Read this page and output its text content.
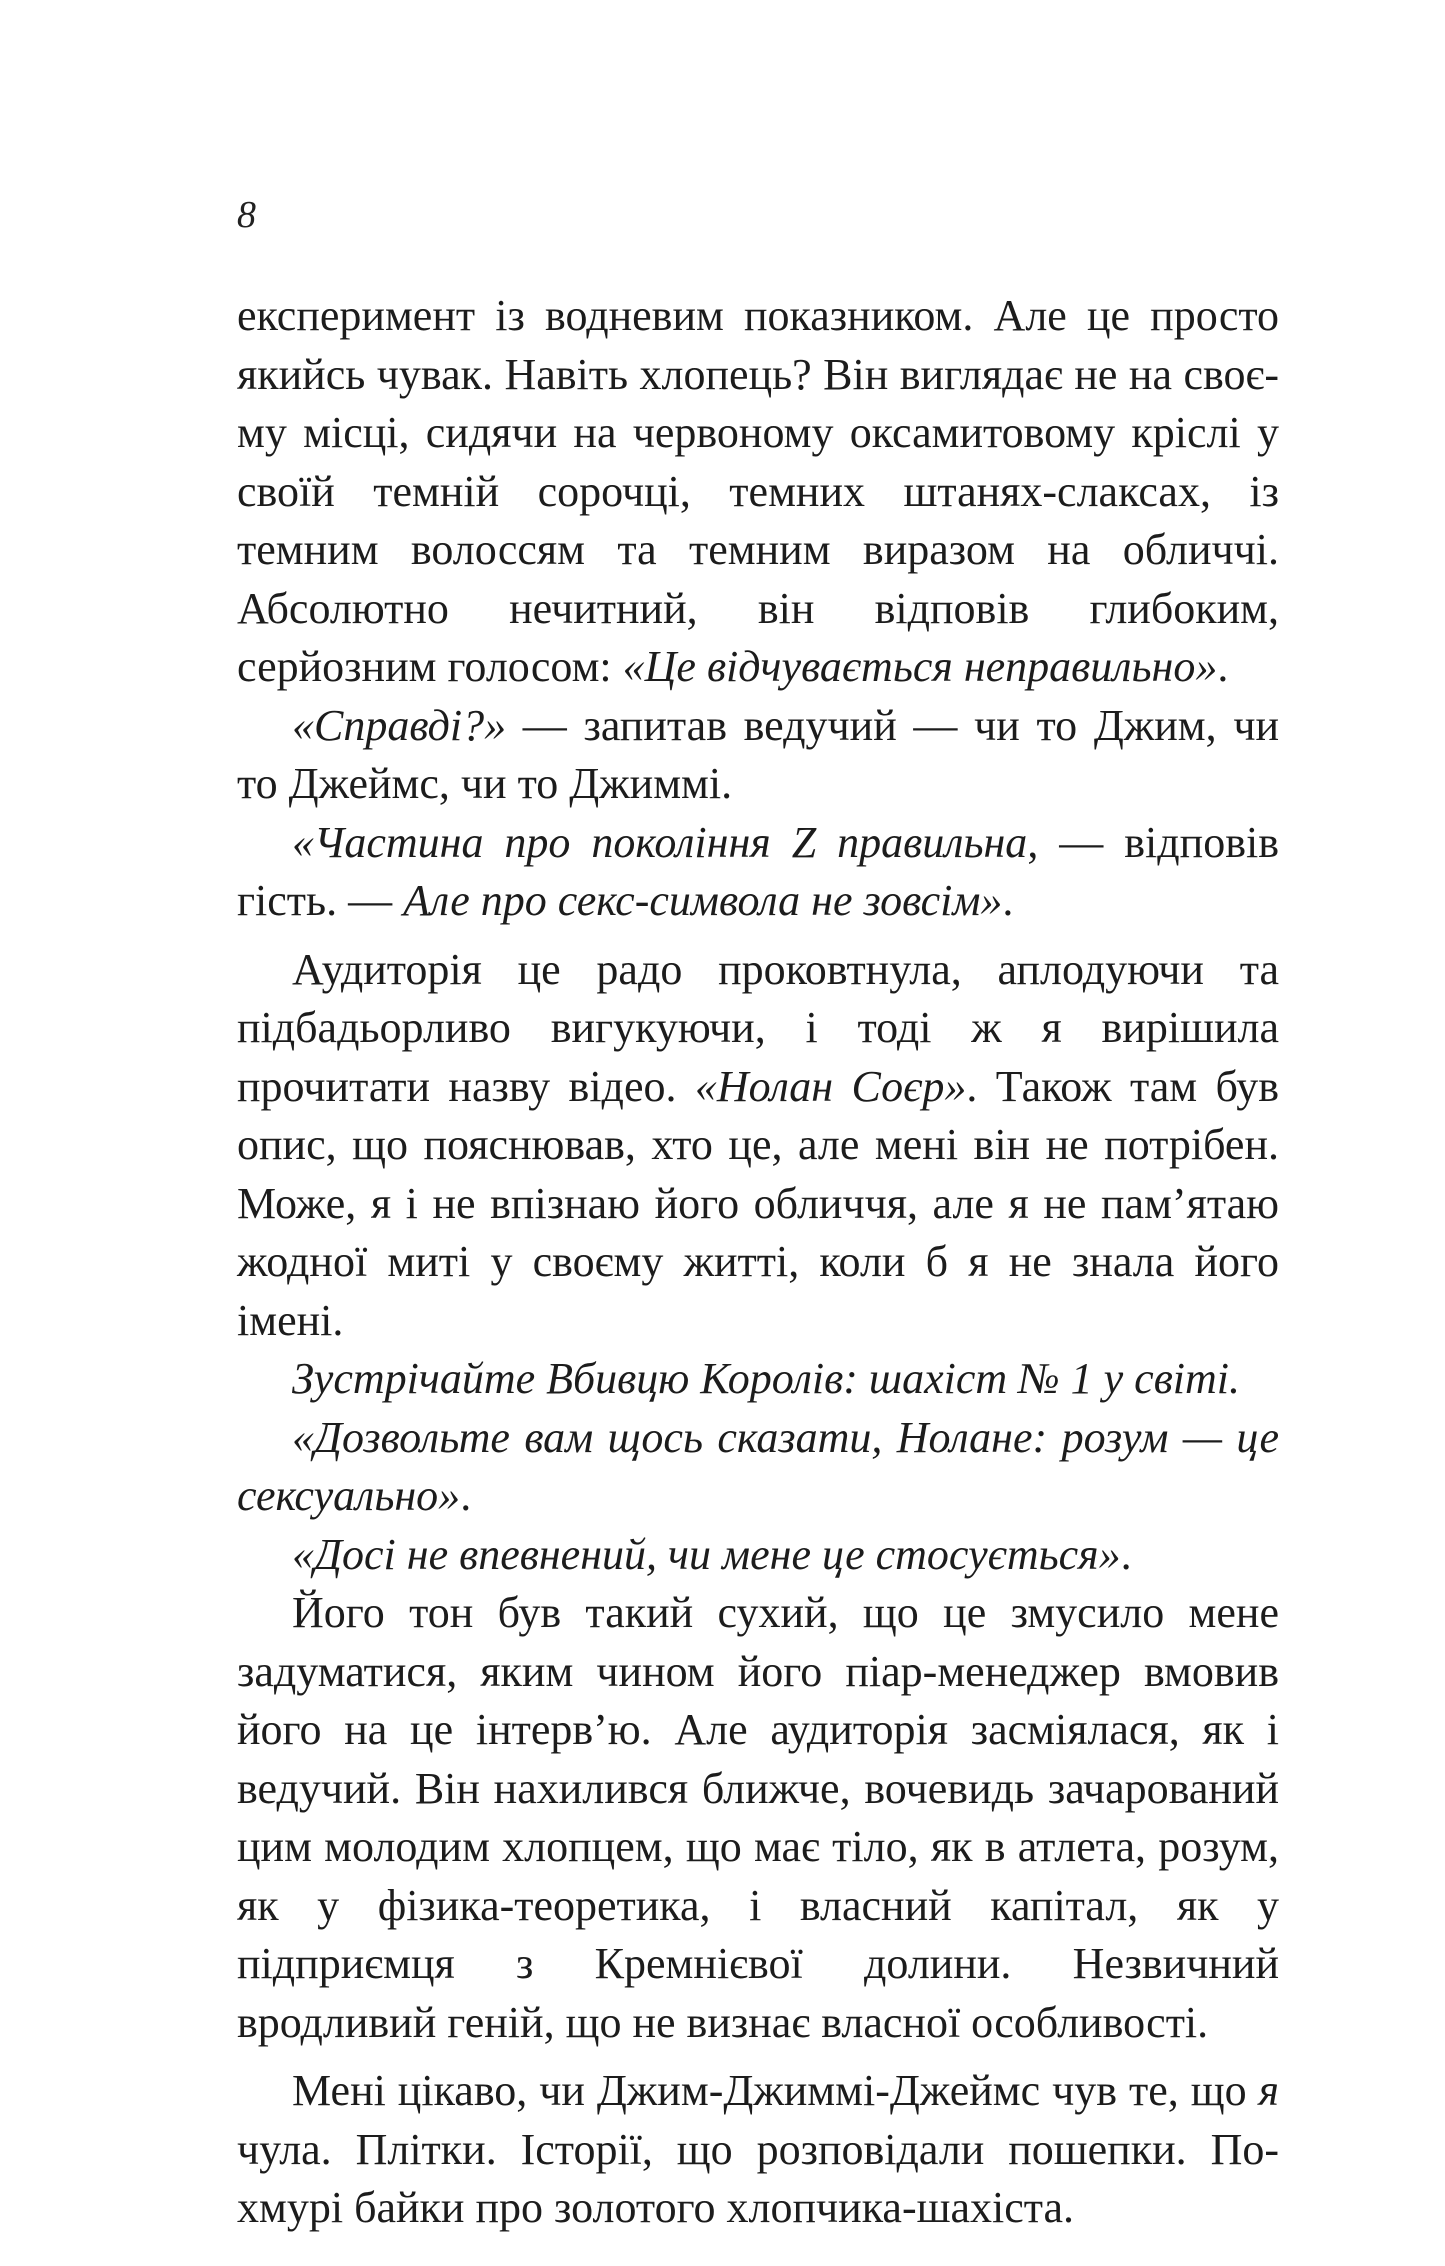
8

експеримент із водневим показником. Але це просто якийсь чувак. Навіть хлопець? Він виглядає не на своєму місці, сидячи на червоному оксамитовому кріслі у своїй темній сорочці, темних штанях-слаксах, із темним волоссям та темним виразом на обличчі. Абсолютно нечитний, він відповів глибоким, серйозним голосом: «Це відчувається неправильно».

«Справді?» — запитав ведучий — чи то Джим, чи то Джеймс, чи то Джиммі.

«Частина про покоління Z правильна, — відповів гість. — Але про секс-символа не зовсім».

Аудиторія це радо проковтнула, аплодуючи та підбадьорливо вигукуючи, і тоді ж я вирішила прочитати назву відео. «Нолан Соєр». Також там був опис, що пояснював, хто це, але мені він не потрібен. Може, я і не впізнаю його обличчя, але я не пам’ятаю жодної миті у своєму житті, коли б я не знала його імені.

Зустрічайте Вбивцю Королів: шахіст № 1 у світі.

«Дозвольте вам щось сказати, Нолане: розум — це сексуально».

«Досі не впевнений, чи мене це стосується».

Його тон був такий сухий, що це змусило мене задуматися, яким чином його піар-менеджер вмовив його на це інтерв’ю. Але аудиторія засміялася, як і ведучий. Він нахилився ближче, вочевидь зачарований цим молодим хлопцем, що має тіло, як в атлета, розум, як у фізика-теоретика, і власний капітал, як у підприємця з Кремнієвої долини. Незвичний вродливий геній, що не визнає власної особливості.

Мені цікаво, чи Джим-Джиммі-Джеймс чув те, що я чула. Плітки. Історії, що розповідали пошепки. Похмурі байки про золотого хлопчика-шахіста.
